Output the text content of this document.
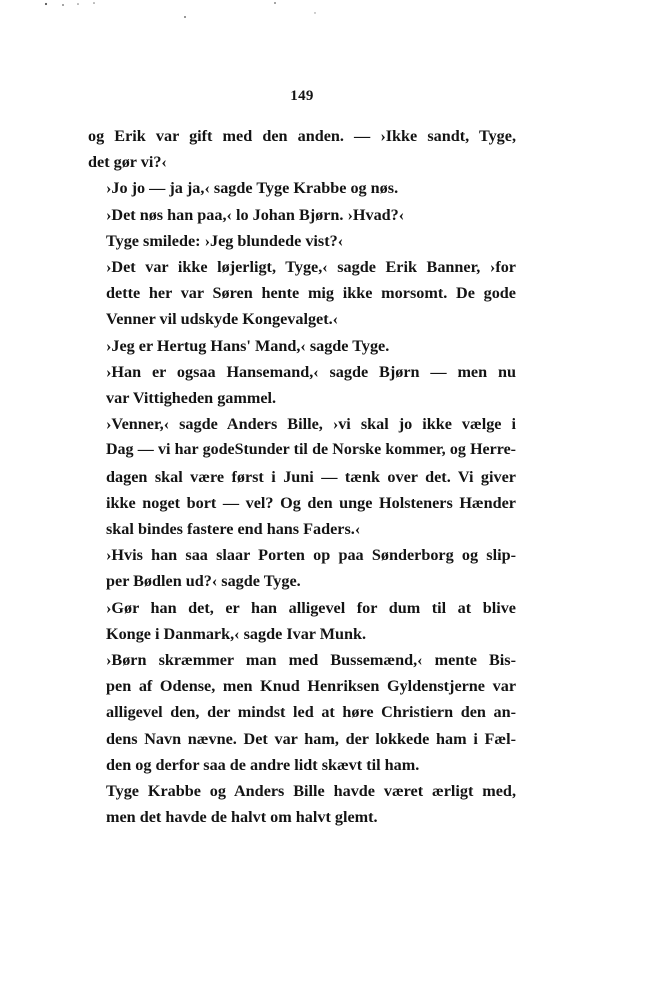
149
og Erik var gift med den anden. — ›Ikke sandt, Tyge,
det gør vi?‹
›Jo jo — ja ja,‹ sagde Tyge Krabbe og nøs.
›Det nøs han paa,‹ lo Johan Bjørn. ›Hvad?‹
Tyge smilede: ›Jeg blundede vist?‹
›Det var ikke løjerligt, Tyge,‹ sagde Erik Banner, ›for
dette her var Søren hente mig ikke morsomt. De gode
Venner vil udskyde Kongevalget.‹
›Jeg er Hertug Hans' Mand,‹ sagde Tyge.
›Han er ogsaa Hansemand,‹ sagde Bjørn — men nu
var Vittigheden gammel.
›Venner,‹ sagde Anders Bille, ›vi skal jo ikke vælge i
Dag — vi har godeStunder til de Norske kommer, og Herre-
dagen skal være først i Juni — tænk over det. Vi giver
ikke noget bort — vel? Og den unge Holsteners Hænder
skal bindes fastere end hans Faders.‹
›Hvis han saa slaar Porten op paa Sønderborg og slip-
per Bødlen ud?‹ sagde Tyge.
›Gør han det, er han alligevel for dum til at blive
Konge i Danmark,‹ sagde Ivar Munk.
›Børn skræmmer man med Bussemænd,‹ mente Bis-
pen af Odense, men Knud Henriksen Gyldenstjerne var
alligevel den, der mindst led at høre Christiern den an-
dens Navn nævne. Det var ham, der lokkede ham i Fæl-
den og derfor saa de andre lidt skævt til ham.
Tyge Krabbe og Anders Bille havde været ærligt med,
men det havde de halvt om halvt glemt.
